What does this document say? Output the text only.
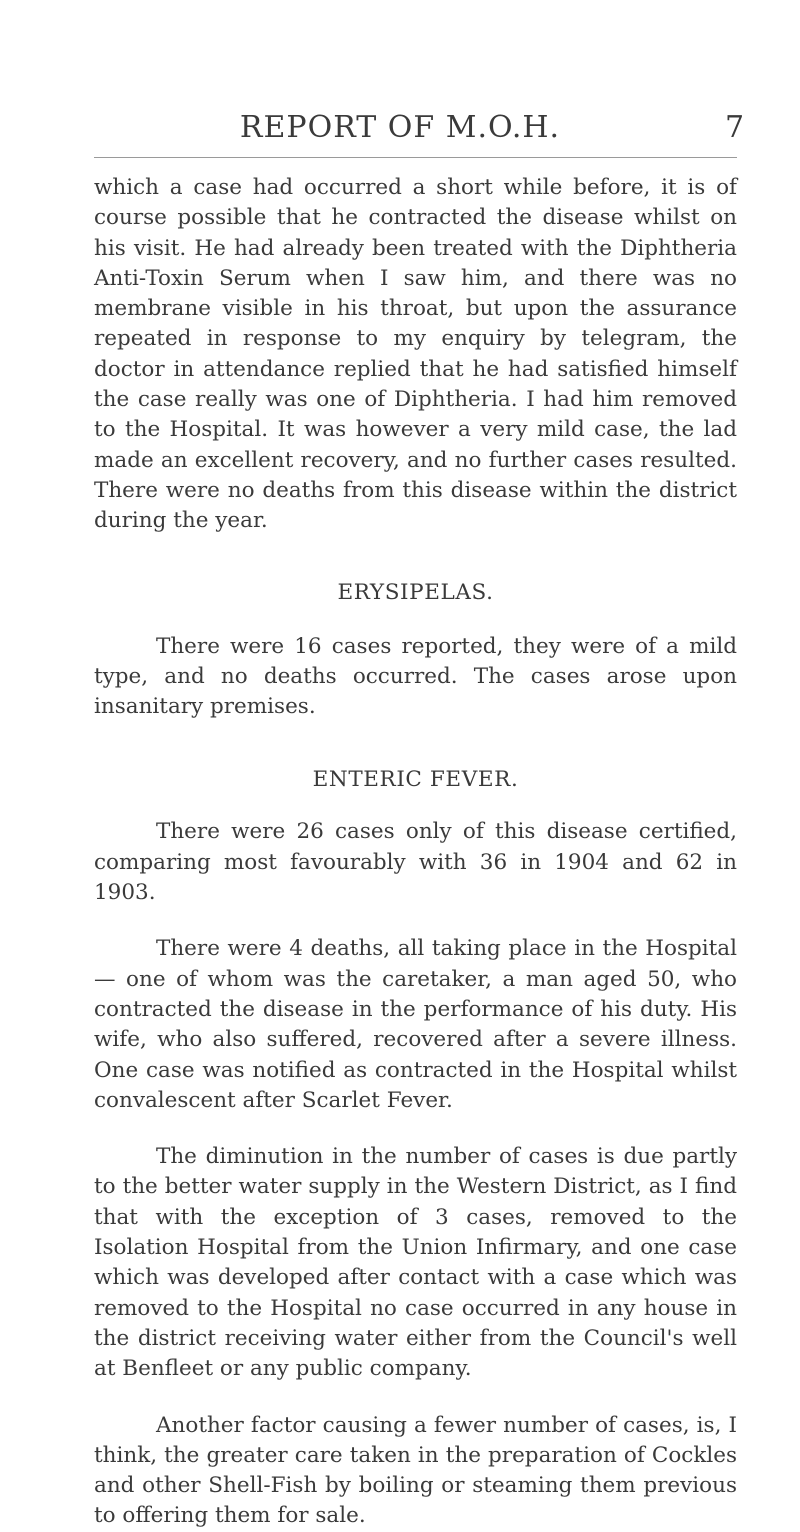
REPORT OF M.O.H.	7

which a case had occurred a short while before, it is of course possible that he contracted the disease whilst on his visit. He had already been treated with the Diphtheria Anti-Toxin Serum when I saw him, and there was no membrane visible in his throat, but upon the assurance repeated in response to my enquiry by telegram, the doctor in attendance replied that he had satisfied himself the case really was one of Diphtheria. I had him removed to the Hospital. It was however a very mild case, the lad made an excellent recovery, and no further cases resulted. There were no deaths from this disease within the district during the year.

ERYSIPELAS.

There were 16 cases reported, they were of a mild type, and no deaths occurred. The cases arose upon insanitary premises.

ENTERIC FEVER.

There were 26 cases only of this disease certified, comparing most favourably with 36 in 1904 and 62 in 1903.

There were 4 deaths, all taking place in the Hospital— one of whom was the caretaker, a man aged 50, who contracted the disease in the performance of his duty. His wife, who also suffered, recovered after a severe illness. One case was notified as contracted in the Hospital whilst convalescent after Scarlet Fever.

The diminution in the number of cases is due partly to the better water supply in the Western District, as I find that with the exception of 3 cases, removed to the Isolation Hospital from the Union Infirmary, and one case which was developed after contact with a case which was removed to the Hospital no case occurred in any house in the district receiving water either from the Council's well at Benfleet or any public company.

Another factor causing a fewer number of cases, is, I think, the greater care taken in the preparation of Cockles and other Shell-Fish by boiling or steaming them previous to offering them for sale.
